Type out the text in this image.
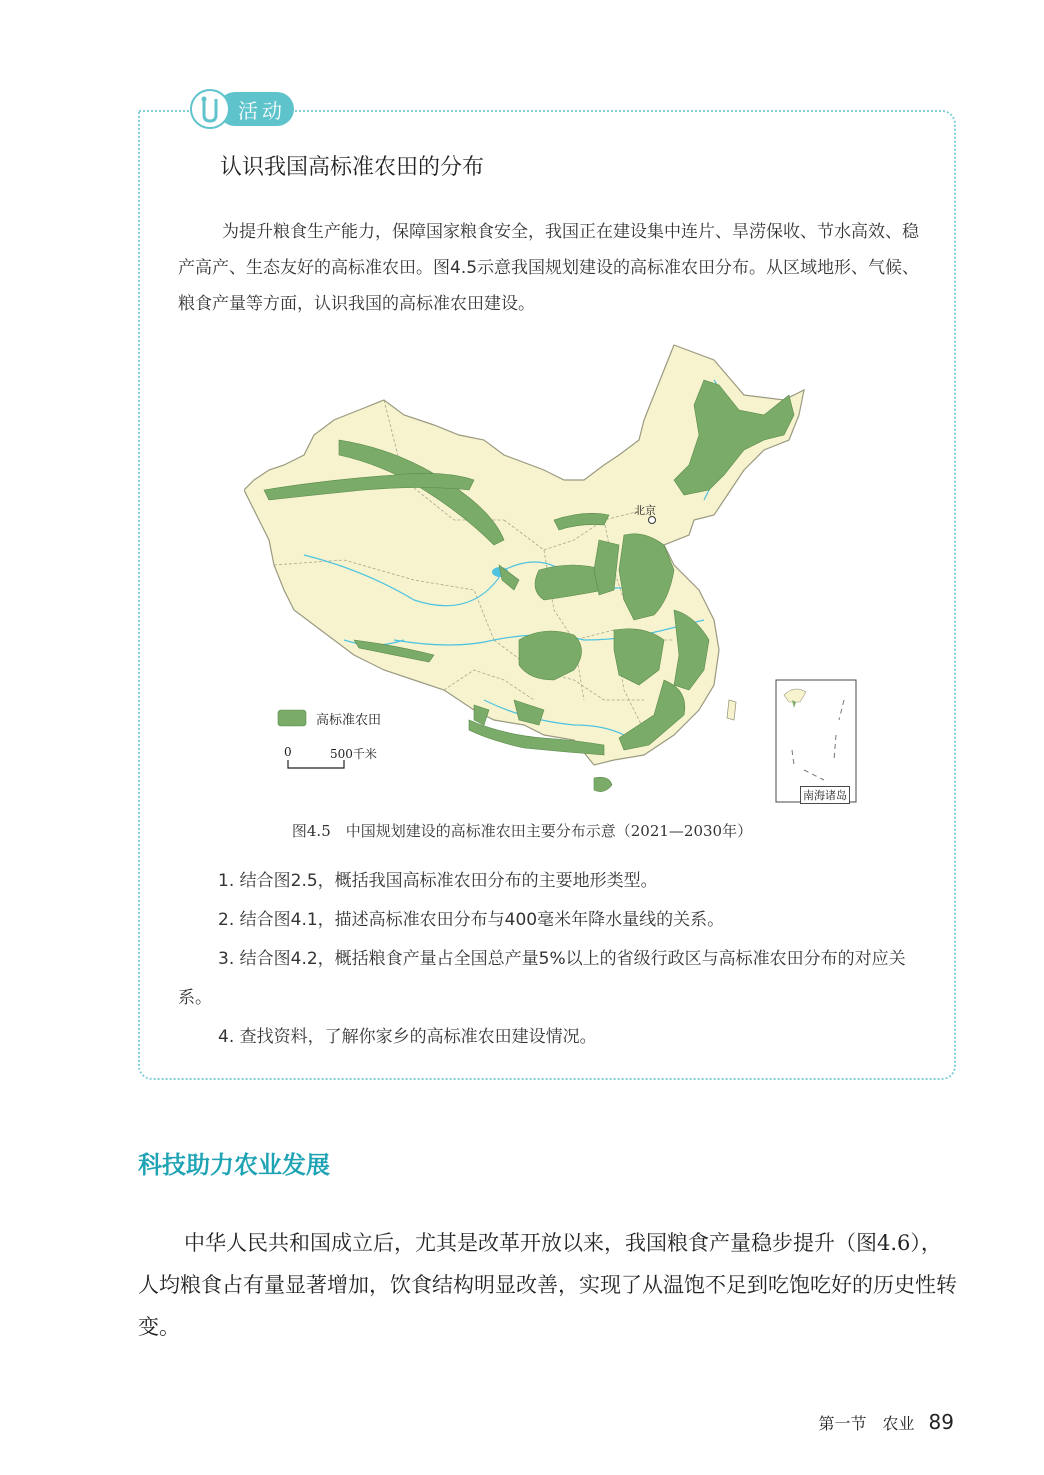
活动
认识我国高标准农田的分布
为提升粮食生产能力，保障国家粮食安全，我国正在建设集中连片、旱涝保收、节水高效、稳产高产、生态友好的高标准农田。图4.5示意我国规划建设的高标准农田分布。从区域地形、气候、粮食产量等方面，认识我国的高标准农田建设。
北京
高标准农田
0	500千米
南海诸岛
图4.5　中国规划建设的高标准农田主要分布示意（2021—2030年）

1. 结合图2.5，概括我国高标准农田分布的主要地形类型。

2. 结合图4.1，描述高标准农田分布与400毫米年降水量线的关系。

3. 结合图4.2，概括粮食产量占全国总产量5%以上的省级行政区与高标准农田分布的对应关系。

4. 查找资料，了解你家乡的高标准农田建设情况。

科技助力农业发展
中华人民共和国成立后，尤其是改革开放以来，我国粮食产量稳步提升（图4.6），人均粮食占有量显著增加，饮食结构明显改善，实现了从温饱不足到吃饱吃好的历史性转变。
第一节　农业 89
